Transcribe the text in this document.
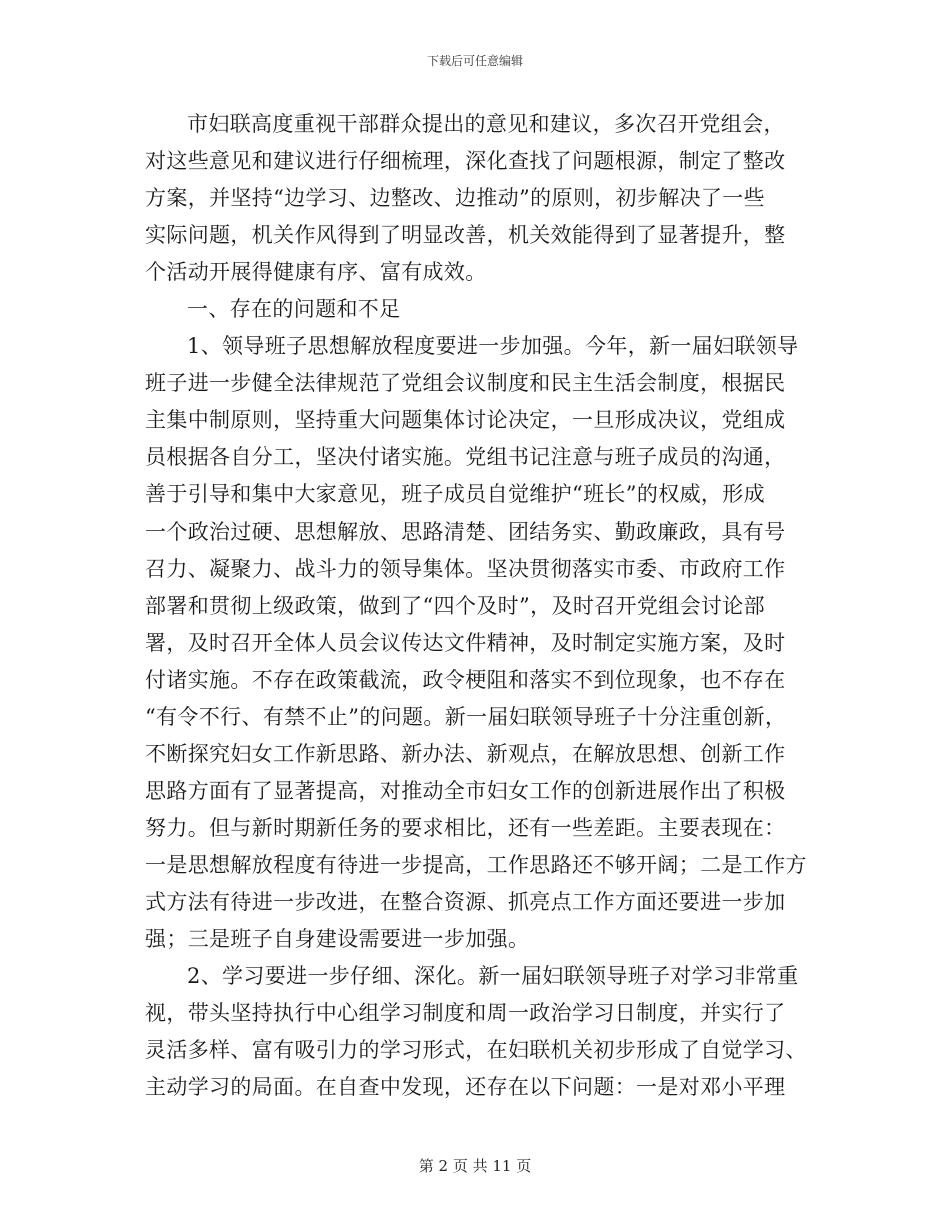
下载后可任意编辑
市妇联高度重视干部群众提出的意见和建议，多次召开党组会，
对这些意见和建议进行仔细梳理，深化查找了问题根源，制定了整改
方案，并坚持“边学习、边整改、边推动”的原则，初步解决了一些
实际问题，机关作风得到了明显改善，机关效能得到了显著提升，整
个活动开展得健康有序、富有成效。
一、存在的问题和不足
1、领导班子思想解放程度要进一步加强。今年，新一届妇联领导
班子进一步健全法律规范了党组会议制度和民主生活会制度，根据民
主集中制原则，坚持重大问题集体讨论决定，一旦形成决议，党组成
员根据各自分工，坚决付诸实施。党组书记注意与班子成员的沟通，
善于引导和集中大家意见，班子成员自觉维护“班长”的权威，形成
一个政治过硬、思想解放、思路清楚、团结务实、勤政廉政，具有号
召力、凝聚力、战斗力的领导集体。坚决贯彻落实市委、市政府工作
部署和贯彻上级政策，做到了“四个及时”，及时召开党组会讨论部
署，及时召开全体人员会议传达文件精神，及时制定实施方案，及时
付诸实施。不存在政策截流，政令梗阻和落实不到位现象，也不存在
“有令不行、有禁不止”的问题。新一届妇联领导班子十分注重创新，
不断探究妇女工作新思路、新办法、新观点，在解放思想、创新工作
思路方面有了显著提高，对推动全市妇女工作的创新进展作出了积极
努力。但与新时期新任务的要求相比，还有一些差距。主要表现在：
一是思想解放程度有待进一步提高，工作思路还不够开阔；二是工作方
式方法有待进一步改进，在整合资源、抓亮点工作方面还要进一步加
强；三是班子自身建设需要进一步加强。
2、学习要进一步仔细、深化。新一届妇联领导班子对学习非常重
视，带头坚持执行中心组学习制度和周一政治学习日制度，并实行了
灵活多样、富有吸引力的学习形式，在妇联机关初步形成了自觉学习、
主动学习的局面。在自查中发现，还存在以下问题：一是对邓小平理
第 2 页 共 11 页
